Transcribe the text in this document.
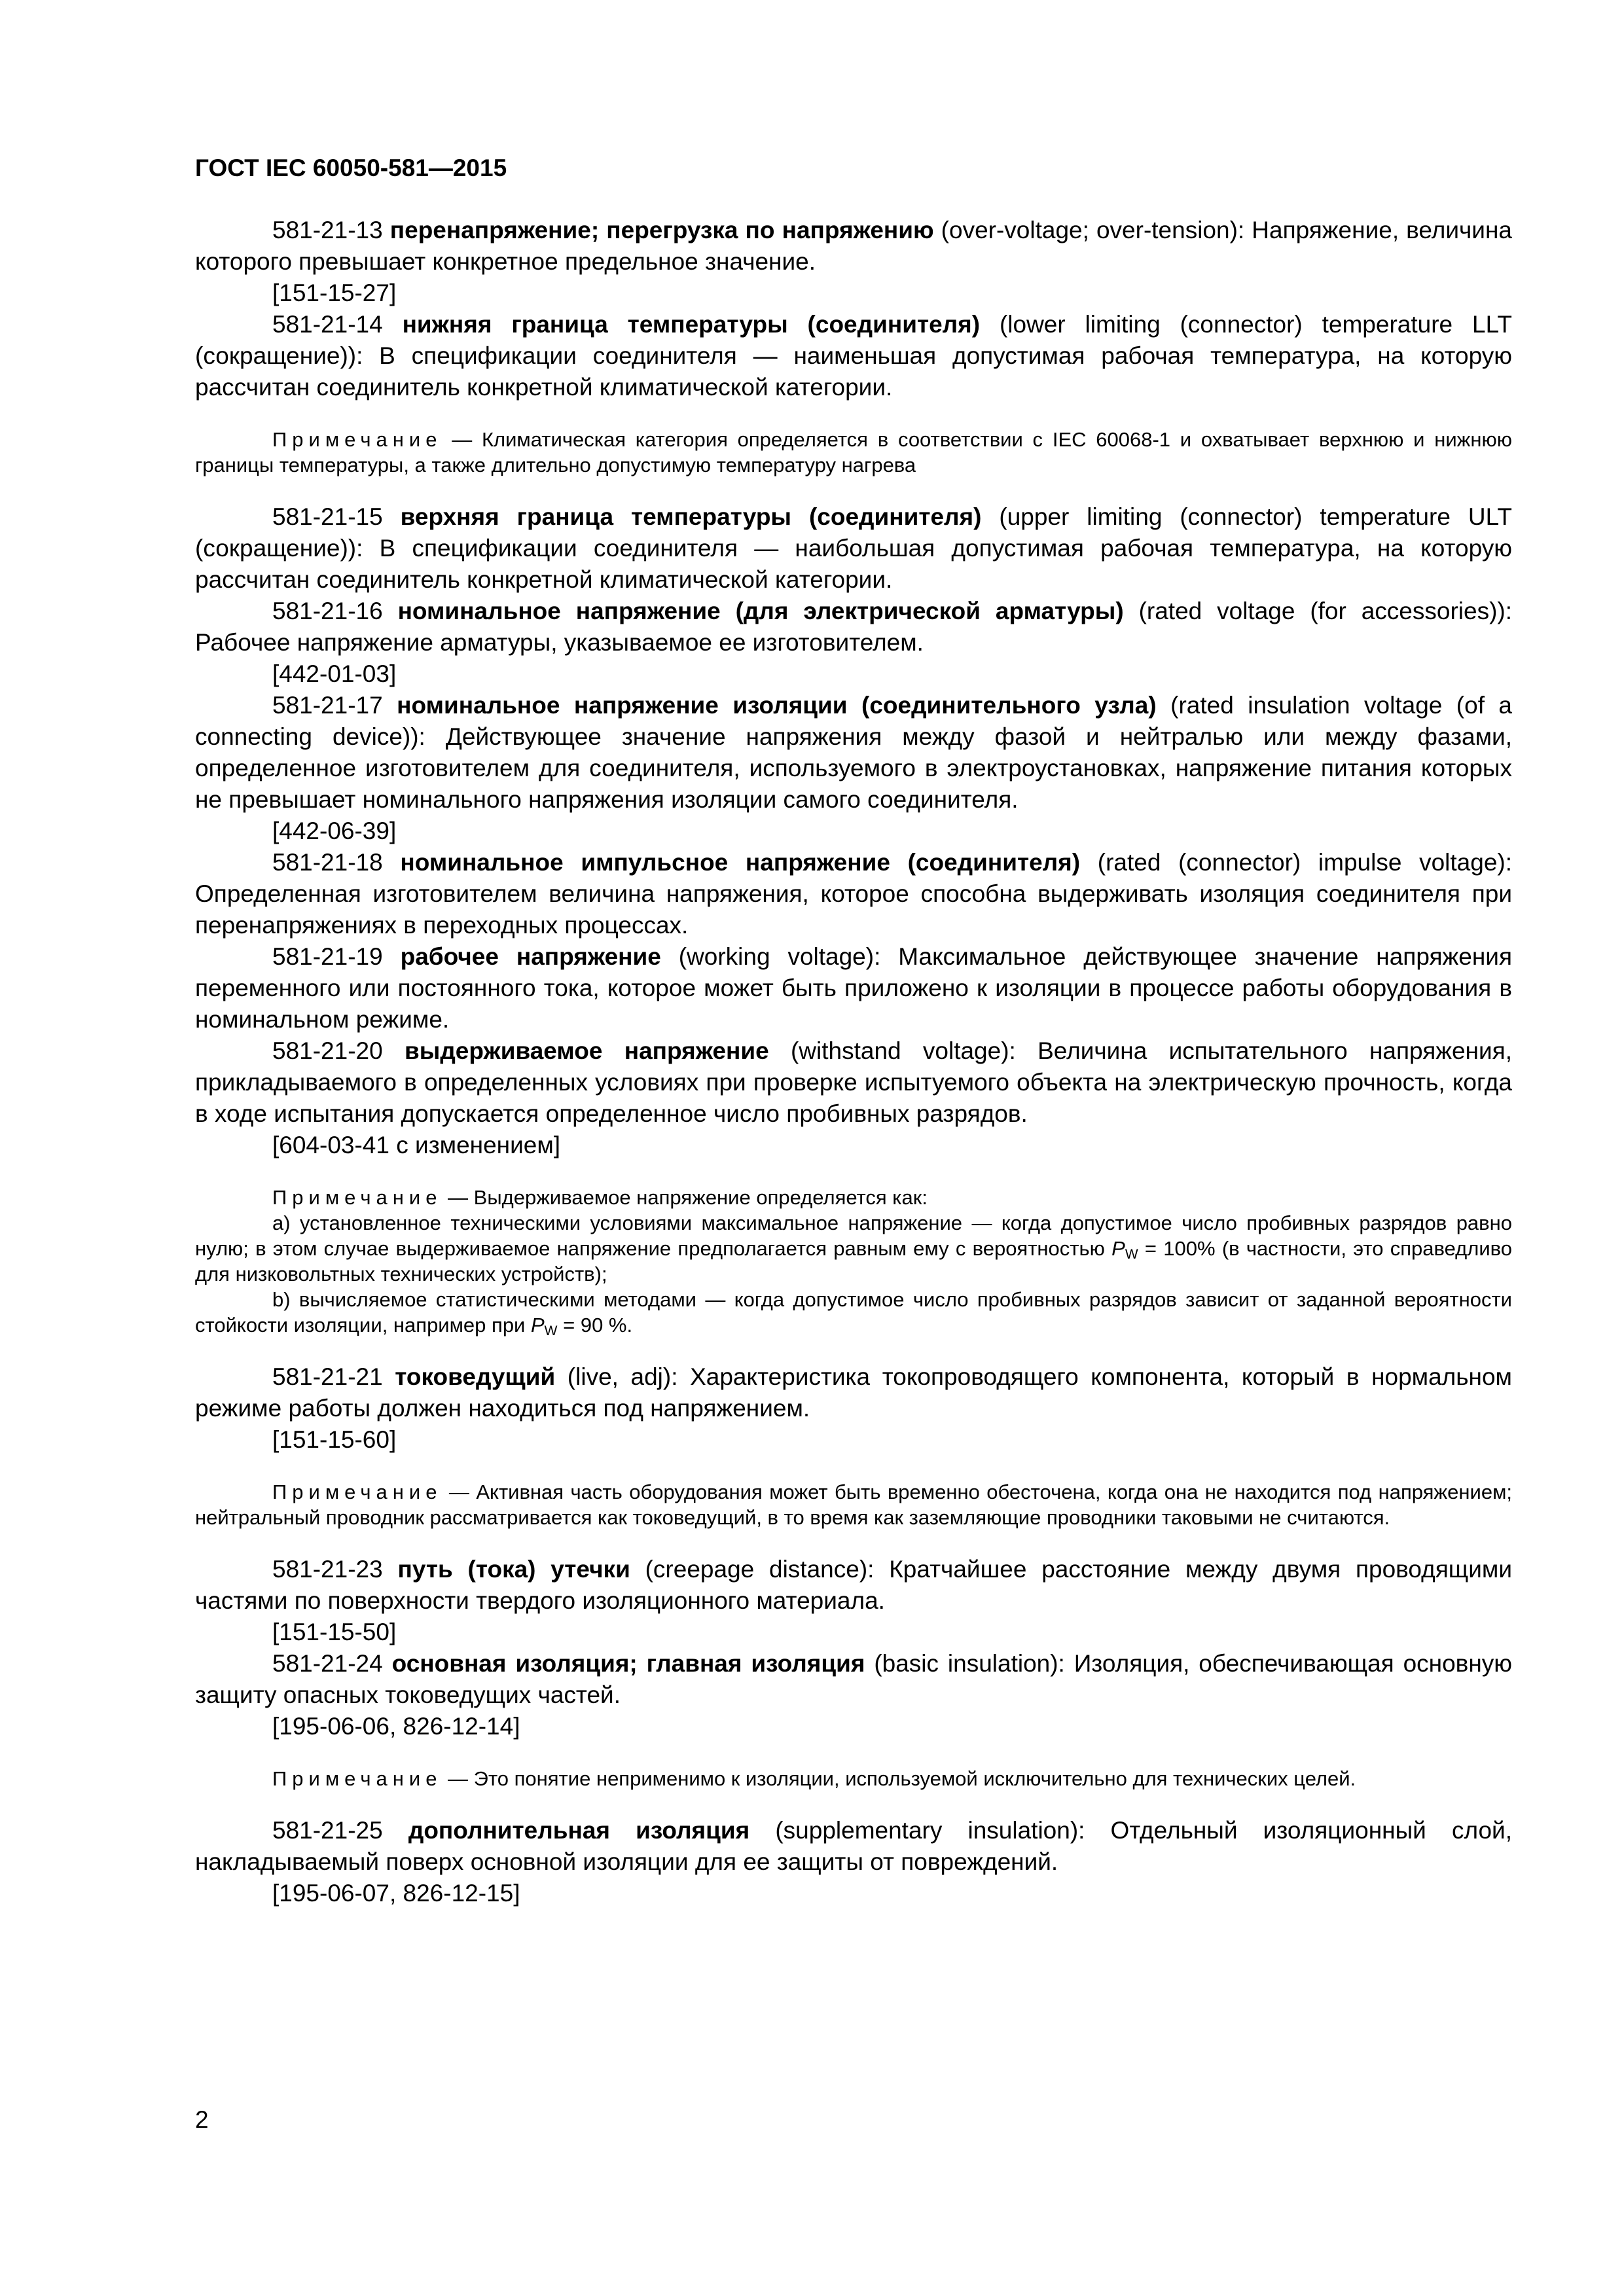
ГОСТ IEC 60050-581—2015

581-21-13 перенапряжение; перегрузка по напряжению (over-voltage; over-tension): Напряжение, величина которого превышает конкретное предельное значение.

[151-15-27]

581-21-14 нижняя граница температуры (соединителя) (lower limiting (connector) temperature LLT (сокращение)): В спецификации соединителя — наименьшая допустимая рабочая температура, на которую рассчитан соединитель конкретной климатической категории.

Примечание — Климатическая категория определяется в соответствии с IEC 60068-1 и охватывает верхнюю и нижнюю границы температуры, а также длительно допустимую температуру нагрева

581-21-15 верхняя граница температуры (соединителя) (upper limiting (connector) temperature ULT (сокращение)): В спецификации соединителя — наибольшая допустимая рабочая температура, на которую рассчитан соединитель конкретной климатической категории.

581-21-16 номинальное напряжение (для электрической арматуры) (rated voltage (for accessories)): Рабочее напряжение арматуры, указываемое ее изготовителем.

[442-01-03]

581-21-17 номинальное напряжение изоляции (соединительного узла) (rated insulation voltage (of a connecting device)): Действующее значение напряжения между фазой и нейтралью или между фазами, определенное изготовителем для соединителя, используемого в электроустановках, напряжение питания которых не превышает номинального напряжения изоляции самого соединителя.

[442-06-39]

581-21-18 номинальное импульсное напряжение (соединителя) (rated (connector) impulse voltage): Определенная изготовителем величина напряжения, которое способна выдерживать изоляция соединителя при перенапряжениях в переходных процессах.

581-21-19 рабочее напряжение (working voltage): Максимальное действующее значение напряжения переменного или постоянного тока, которое может быть приложено к изоляции в процессе работы оборудования в номинальном режиме.

581-21-20 выдерживаемое напряжение (withstand voltage): Величина испытательного напряжения, прикладываемого в определенных условиях при проверке испытуемого объекта на электрическую прочность, когда в ходе испытания допускается определенное число пробивных разрядов.

[604-03-41 с изменением]

Примечание — Выдерживаемое напряжение определяется как:

a) установленное техническими условиями максимальное напряжение — когда допустимое число пробивных разрядов равно нулю; в этом случае выдерживаемое напряжение предполагается равным ему с вероятностью $P_W = 100\%$ (в частности, это справедливо для низковольтных технических устройств);

b) вычисляемое статистическими методами — когда допустимое число пробивных разрядов зависит от заданной вероятности стойкости изоляции, например при $P_W = 90$ %.

581-21-21 токоведущий (live, adj): Характеристика токопроводящего компонента, который в нормальном режиме работы должен находиться под напряжением.

[151-15-60]

Примечание — Активная часть оборудования может быть временно обесточена, когда она не находится под напряжением; нейтральный проводник рассматривается как токоведущий, в то время как заземляющие проводники таковыми не считаются.

581-21-23 путь (тока) утечки (creepage distance): Кратчайшее расстояние между двумя проводящими частями по поверхности твердого изоляционного материала.

[151-15-50]

581-21-24 основная изоляция; главная изоляция (basic insulation): Изоляция, обеспечивающая основную защиту опасных токоведущих частей.

[195-06-06, 826-12-14]

Примечание — Это понятие неприменимо к изоляции, используемой исключительно для технических целей.

581-21-25 дополнительная изоляция (supplementary insulation): Отдельный изоляционный слой, накладываемый поверх основной изоляции для ее защиты от повреждений.

[195-06-07, 826-12-15]

2
